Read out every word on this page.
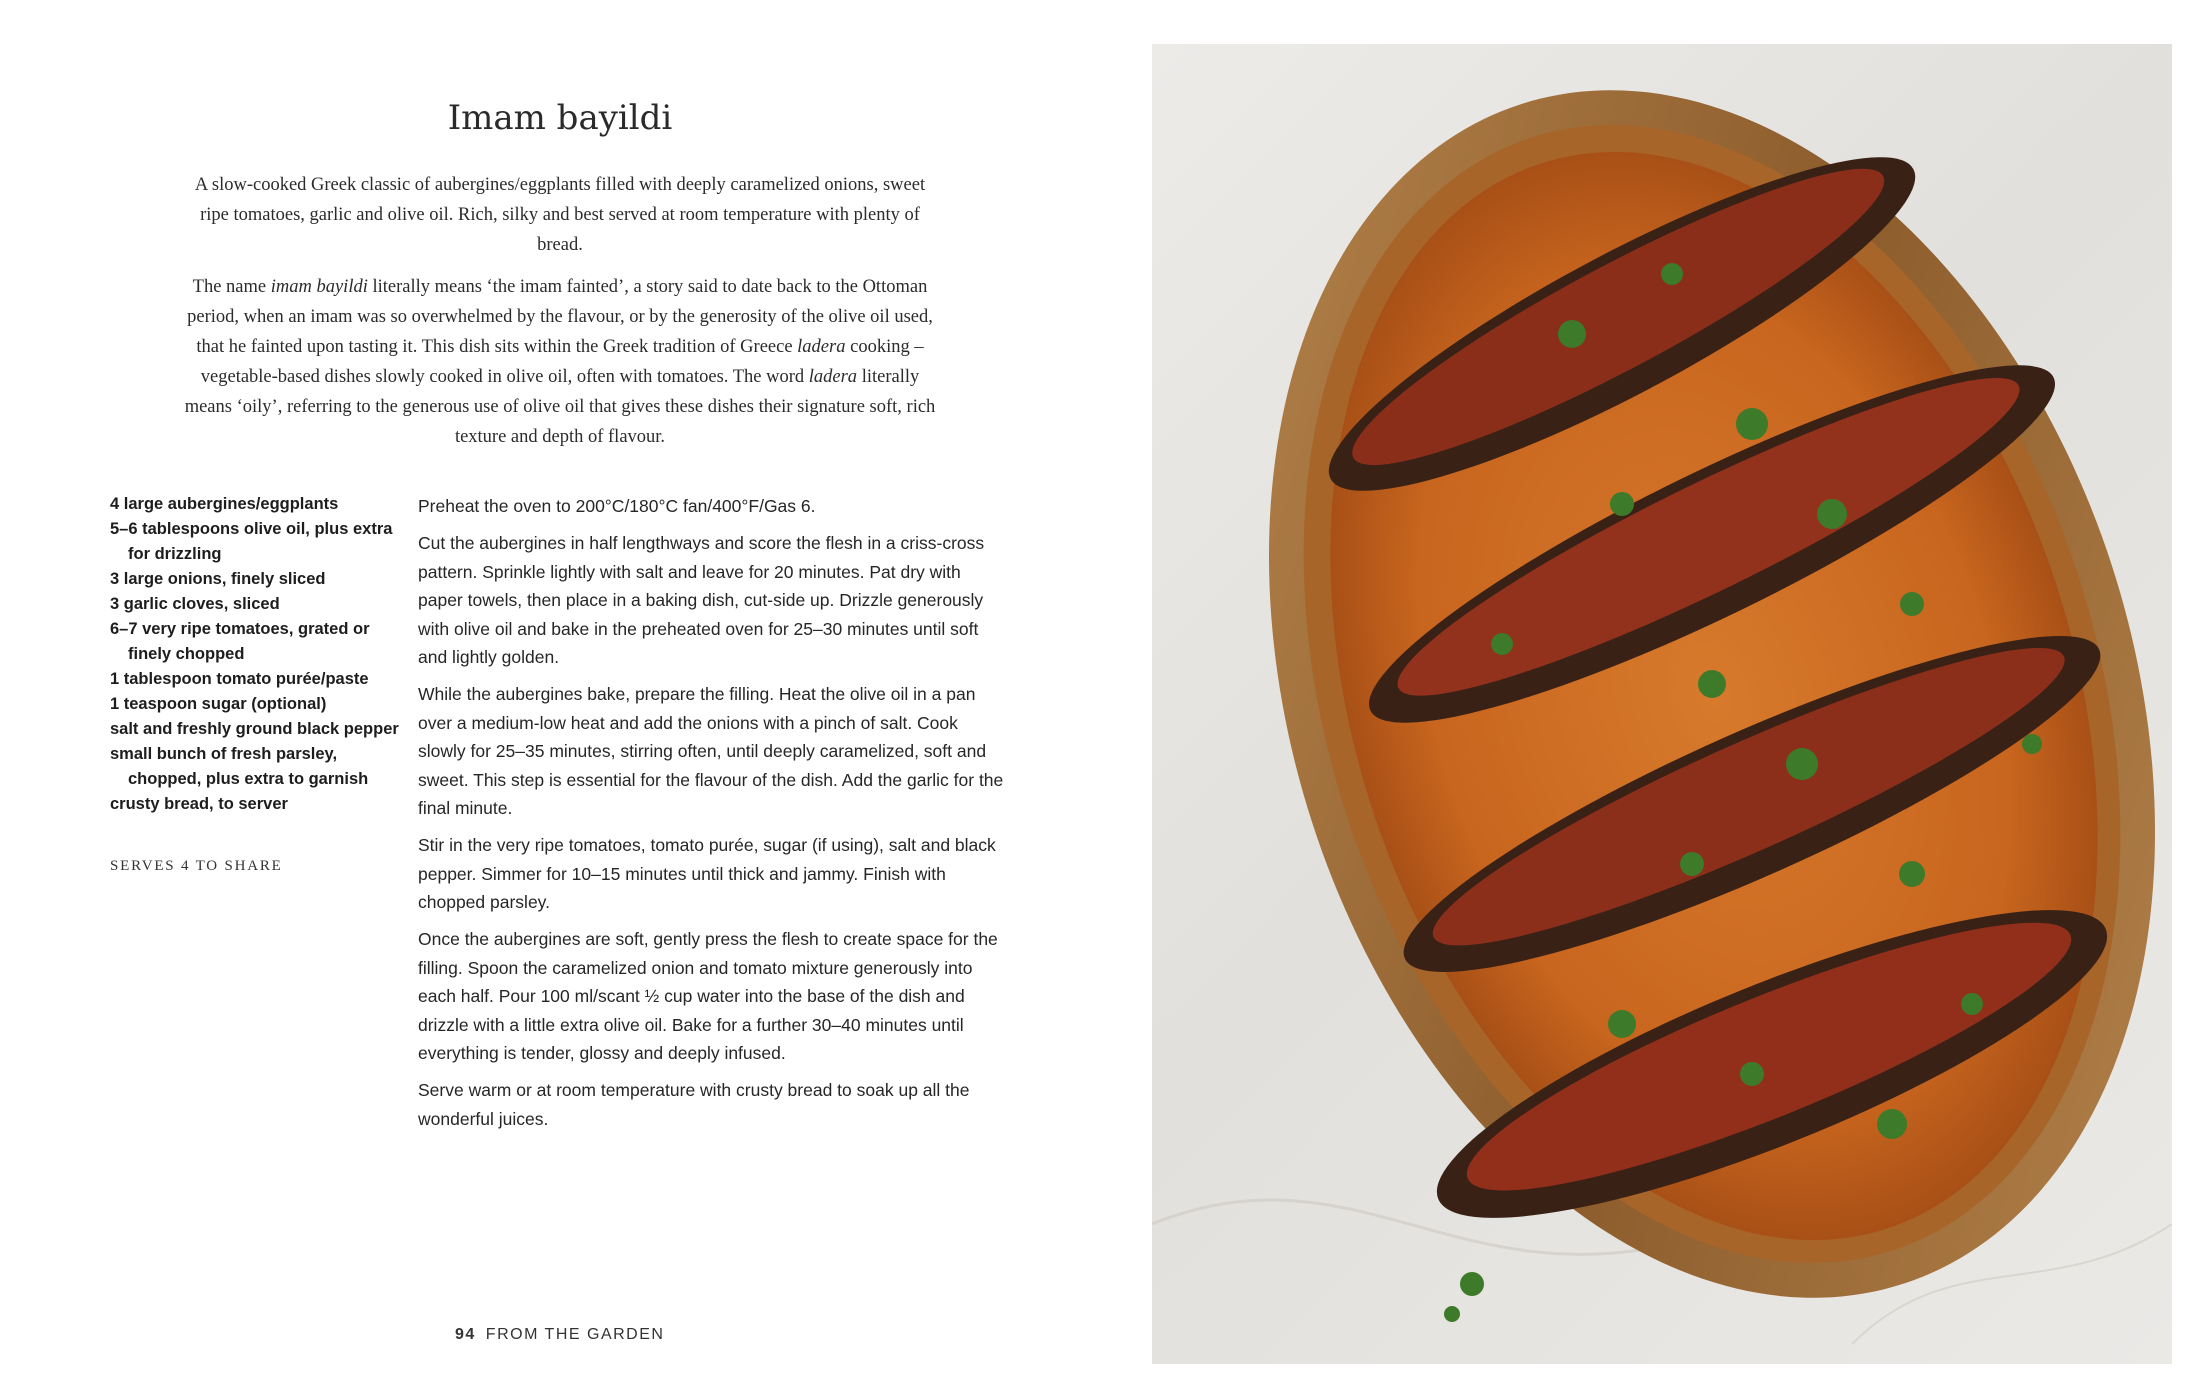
Imam bayildi

A slow-cooked Greek classic of aubergines/eggplants filled with deeply caramelized onions, sweet ripe tomatoes, garlic and olive oil. Rich, silky and best served at room temperature with plenty of bread.

The name imam bayildi literally means ‘the imam fainted’, a story said to date back to the Ottoman period, when an imam was so overwhelmed by the flavour, or by the generosity of the olive oil used, that he fainted upon tasting it. This dish sits within the Greek tradition of Greece ladera cooking – vegetable-based dishes slowly cooked in olive oil, often with tomatoes. The word ladera literally means ‘oily’, referring to the generous use of olive oil that gives these dishes their signature soft, rich texture and depth of flavour.

4 large aubergines/eggplants
5–6 tablespoons olive oil, plus extra for drizzling
3 large onions, finely sliced
3 garlic cloves, sliced
6–7 very ripe tomatoes, grated or finely chopped
1 tablespoon tomato purée/paste
1 teaspoon sugar (optional)
salt and freshly ground black pepper
small bunch of fresh parsley, chopped, plus extra to garnish
crusty bread, to server
SERVES 4 TO SHARE

Preheat the oven to 200°C/180°C fan/400°F/Gas 6.

Cut the aubergines in half lengthways and score the flesh in a criss-cross pattern. Sprinkle lightly with salt and leave for 20 minutes. Pat dry with paper towels, then place in a baking dish, cut-side up. Drizzle generously with olive oil and bake in the preheated oven for 25–30 minutes until soft and lightly golden.

While the aubergines bake, prepare the filling. Heat the olive oil in a pan over a medium-low heat and add the onions with a pinch of salt. Cook slowly for 25–35 minutes, stirring often, until deeply caramelized, soft and sweet. This step is essential for the flavour of the dish. Add the garlic for the final minute.

Stir in the very ripe tomatoes, tomato purée, sugar (if using), salt and black pepper. Simmer for 10–15 minutes until thick and jammy. Finish with chopped parsley.

Once the aubergines are soft, gently press the flesh to create space for the filling. Spoon the caramelized onion and tomato mixture generously into each half. Pour 100 ml/scant ½ cup water into the base of the dish and drizzle with a little extra olive oil. Bake for a further 30–40 minutes until everything is tender, glossy and deeply infused.

Serve warm or at room temperature with crusty bread to soak up all the wonderful juices.

94 FROM THE GARDEN
